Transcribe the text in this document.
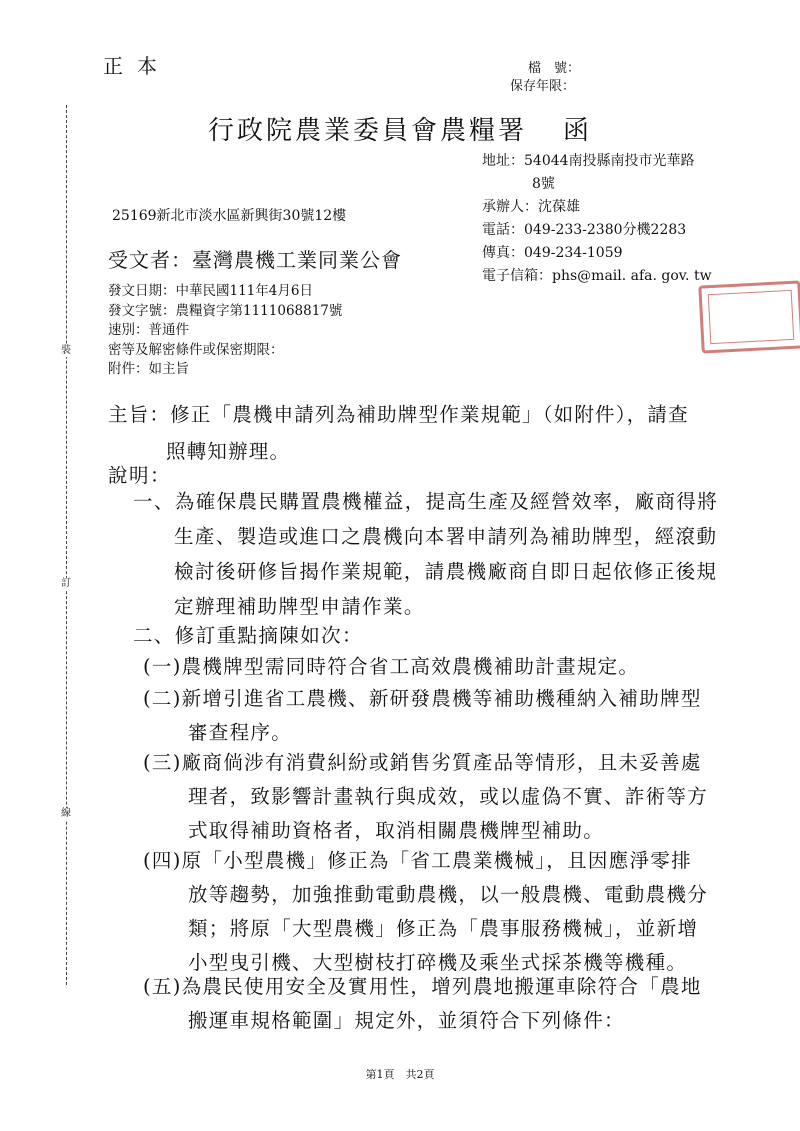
正本	檔　號：
保存年限：
行政院農業委員會農糧署 函
地址：54044南投縣南投市光華路
8號
承辦人：沈葆雄
電話：049-233-2380分機2283
傳真：049-234-1059
電子信箱：phs@mail. afa. gov. tw
25169新北市淡水區新興街30號12樓
受文者：臺灣農機工業同業公會
發文日期：中華民國111年4月6日
發文字號：農糧資字第1111068817號
速別：普通件
密等及解密條件或保密期限：
附件：如主旨
主旨：修正「農機申請列為補助牌型作業規範」（如附件），請查
照轉知辦理。
說明：
一、為確保農民購置農機權益，提高生產及經營效率，廠商得將
生產、製造或進口之農機向本署申請列為補助牌型，經滾動
檢討後研修旨揭作業規範，請農機廠商自即日起依修正後規
定辦理補助牌型申請作業。
二、修訂重點摘陳如次：
(一)農機牌型需同時符合省工高效農機補助計畫規定。
(二)新增引進省工農機、新研發農機等補助機種納入補助牌型
審查程序。
(三)廠商倘涉有消費糾紛或銷售劣質產品等情形，且未妥善處
理者，致影響計畫執行與成效，或以虛偽不實、詐術等方
式取得補助資格者，取消相關農機牌型補助。
(四)原「小型農機」修正為「省工農業機械」，且因應淨零排
放等趨勢，加強推動電動農機，以一般農機、電動農機分
類；將原「大型農機」修正為「農事服務機械」，並新增
小型曳引機、大型樹枝打碎機及乘坐式採茶機等機種。
(五)為農民使用安全及實用性，增列農地搬運車除符合「農地
搬運車規格範圍」規定外，並須符合下列條件：
裝
訂
線
第1頁　共2頁
